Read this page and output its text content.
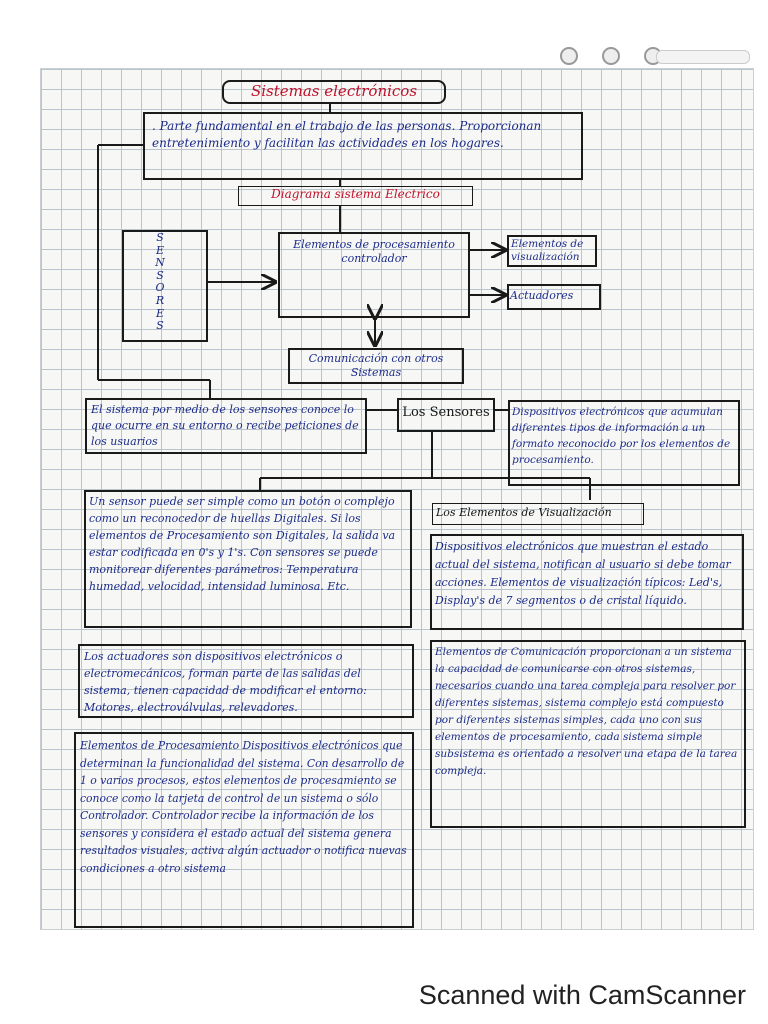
Sistemas electrónicos
. Parte fundamental en el trabajo de las personas. Proporcionan entretenimiento y facilitan las actividades en los hogares.
Diagrama sistema Electrico
S
E
N
S
O
R
E
S
Elementos de procesamiento controlador
Elementos de visualización
Actuadores
Comunicación con otros Sistemas
El sistema por medio de los sensores conoce lo que ocurre en su entorno o recibe peticiones de los usuarios
Los Sensores	Dispositivos electrónicos que acumulan diferentes tipos de información a un formato reconocido por los elementos de procesamiento.
Un sensor puede ser simple como un botón o complejo como un reconocedor de huellas Digitales. Si los elementos de Procesamiento son Digitales, la salida va estar codificada en 0's y 1's. Con sensores se puede monitorear diferentes parámetros: Temperatura humedad, velocidad, intensidad luminosa. Etc.
Los Elementos de Visualización
Dispositivos electrónicos que muestran el estado actual del sistema, notifican al usuario si debe tomar acciones. Elementos de visualización típicos: Led's, Display's de 7 segmentos o de cristal líquido.
Los actuadores son dispositivos electrónicos o electromecánicos, forman parte de las salidas del sistema, tienen capacidad de modificar el entorno: Motores, electroválvulas, relevadores.
Elementos de Comunicación proporcionan a un sistema la capacidad de comunicarse con otros sistemas, necesarios cuando una tarea compleja para resolver por diferentes sistemas, sistema complejo está compuesto por diferentes sistemas simples, cada uno con sus elementos de procesamiento, cada sistema simple subsistema es orientado a resolver una etapa de la tarea compleja.
Elementos de Procesamiento Dispositivos electrónicos que determinan la funcionalidad del sistema. Con desarrollo de 1 o varios procesos, estos elementos de procesamiento se conoce como la tarjeta de control de un sistema o sólo Controlador. Controlador recibe la información de los sensores y considera el estado actual del sistema genera resultados visuales, activa algún actuador o notifica nuevas condiciones a otro sistema
Scanned with CamScanner
